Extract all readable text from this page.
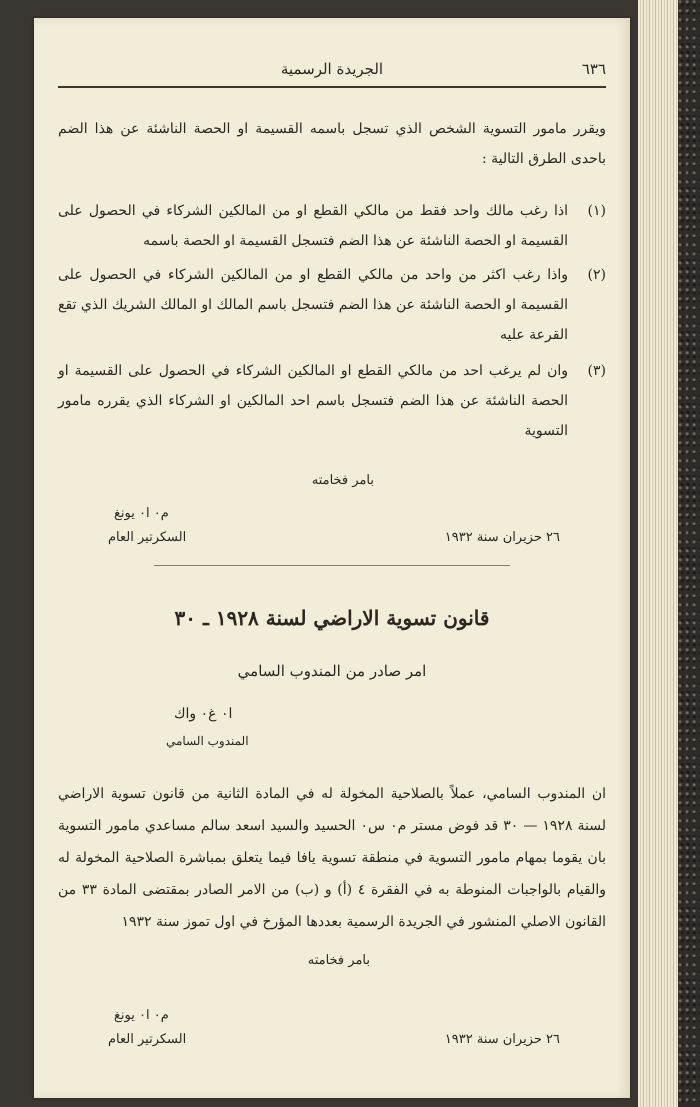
٦٣٦
الجريدة الرسمية
ويقرر مامور التسوية الشخص الذي تسجل باسمه القسيمة او الحصة الناشئة عن هذا الضم باحدى الطرق التالية :
(١)
اذا رغب مالك واحد فقط من مالكي القطع او من المالكين الشركاء في الحصول على القسيمة او الحصة الناشئة عن هذا الضم فتسجل القسيمة او الحصة باسمه
(٢)
واذا رغب اكثر من واحد من مالكي القطع او من المالكين الشركاء في الحصول على القسيمة او الحصة الناشئة عن هذا الضم فتسجل باسم المالك او المالك الشريك الذي تقع القرعة عليه
(٣)
وان لم يرغب احد من مالكي القطع او المالكين الشركاء في الحصول على القسيمة او الحصة الناشئة عن هذا الضم فتسجل باسم احد المالكين او الشركاء الذي يقرره مامور التسوية
بامر فخامته
م٠ ا٠ يونغ
السكرتير العام	٢٦ حزيران سنة ١٩٣٢
قانون تسوية الاراضي لسنة ١٩٢٨ ـ ٣٠
امر صادر من المندوب السامي
ا٠ غ٠ واك
المندوب السامي
ان المندوب السامي، عملاً بالصلاحية المخولة له في المادة الثانية من قانون تسوية الاراضي لسنة ١٩٢٨ — ٣٠ قد فوض مستر م٠ س٠ الحسيد والسيد اسعد سالم مساعدي مامور التسوية بان يقوما بمهام مامور التسوية في منطقة تسوية يافا فيما يتعلق بمباشرة الصلاحية المخولة له والقيام بالواجبات المنوطة به في الفقرة ٤ (أ) و (ب) من الامر الصادر بمقتضى المادة ٣٣ من القانون الاصلي المنشور في الجريدة الرسمية بعددها المؤرخ في اول تموز سنة ١٩٣٢
بامر فخامته
م٠ ا٠ يونغ
السكرتير العام	٢٦ حزيران سنة ١٩٣٢
